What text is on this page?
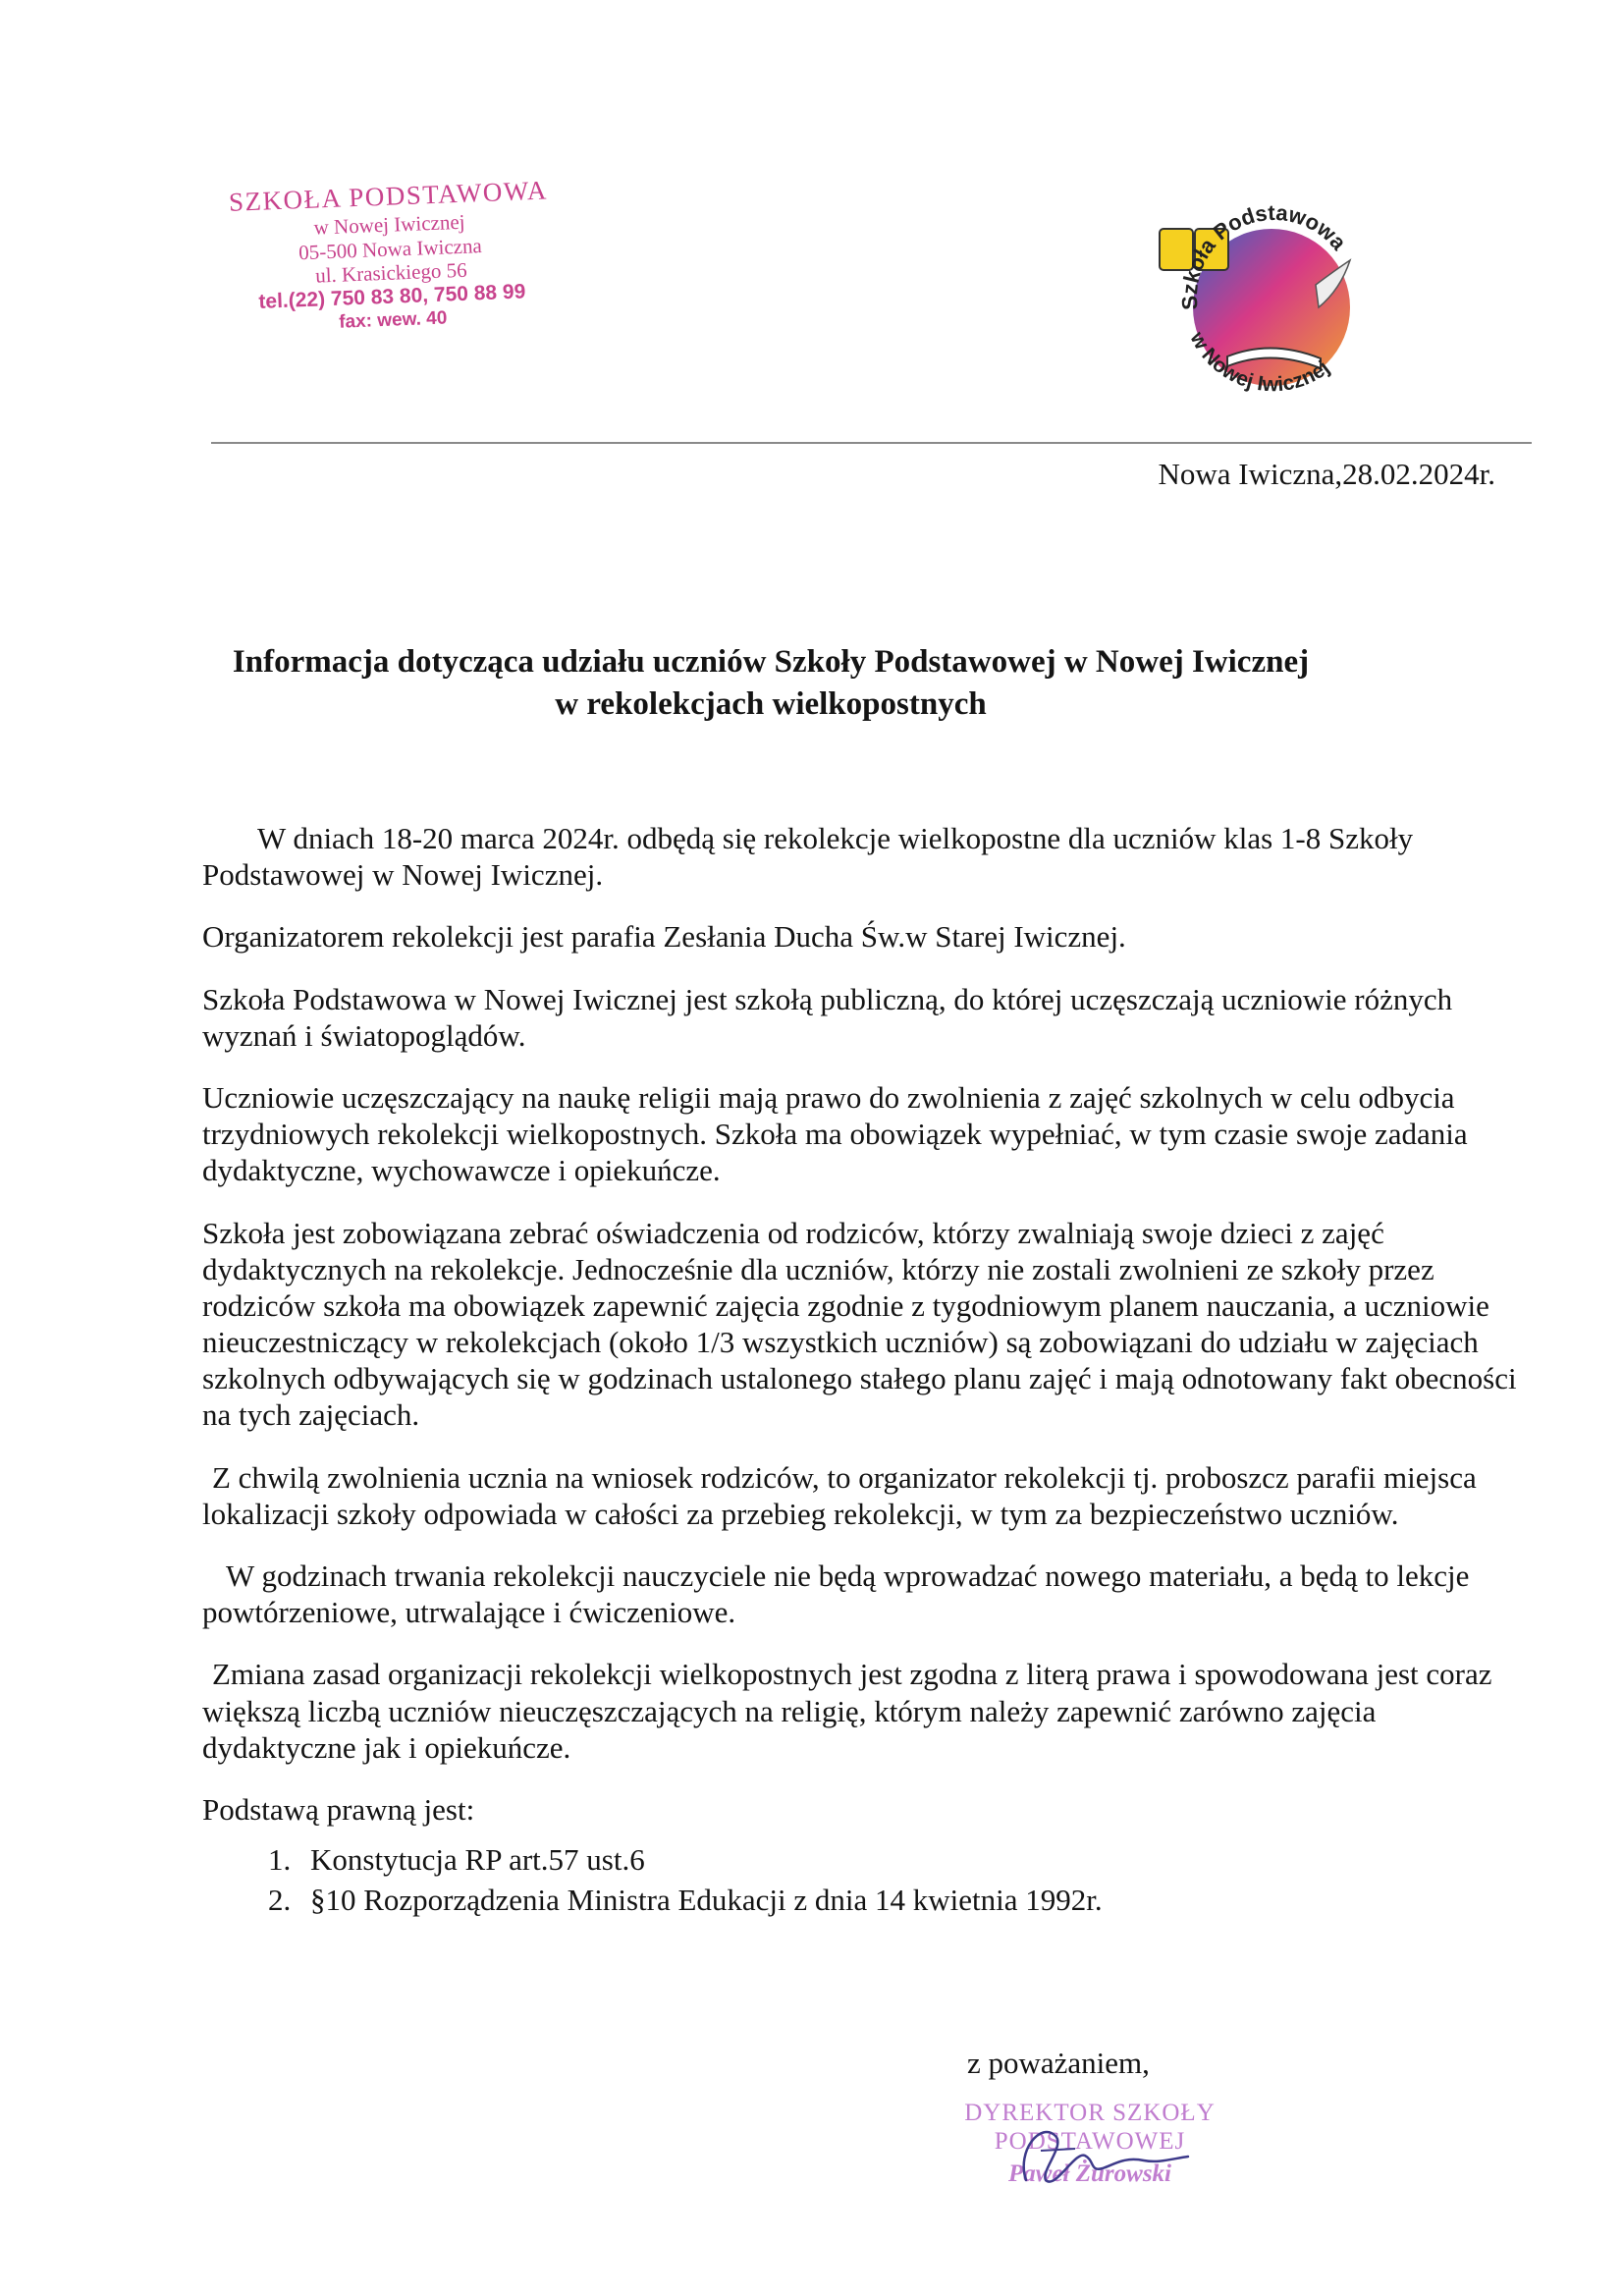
SZKOŁA PODSTAWOWA
w Nowej Iwicznej
05-500 Nowa Iwiczna
ul. Krasickiego 56
tel.(22) 750 83 80, 750 88 99
fax: wew. 40
Szkoła Podstawowa
w Nowej Iwicznej
Nowa Iwiczna,28.02.2024r.
Informacja dotycząca udziału uczniów Szkoły Podstawowej w Nowej Iwicznej
w rekolekcjach wielkopostnych

W dniach 18-20 marca 2024r. odbędą się rekolekcje wielkopostne dla uczniów klas 1-8 Szkoły Podstawowej w Nowej Iwicznej.

Organizatorem rekolekcji jest parafia Zesłania Ducha Św.w Starej Iwicznej.

Szkoła Podstawowa w Nowej Iwicznej jest szkołą publiczną, do której uczęszczają uczniowie różnych wyznań i światopoglądów.

Uczniowie uczęszczający na naukę religii mają prawo do zwolnienia z zajęć szkolnych w celu odbycia trzydniowych rekolekcji wielkopostnych. Szkoła ma obowiązek wypełniać, w tym czasie swoje zadania dydaktyczne, wychowawcze i opiekuńcze.

Szkoła jest zobowiązana zebrać oświadczenia od rodziców, którzy zwalniają swoje dzieci z zajęć dydaktycznych na rekolekcje. Jednocześnie dla uczniów, którzy nie zostali zwolnieni ze szkoły przez rodziców szkoła ma obowiązek zapewnić zajęcia zgodnie z tygodniowym planem nauczania, a uczniowie nieuczestniczący w rekolekcjach (około 1/3 wszystkich uczniów) są zobowiązani do udziału w zajęciach szkolnych odbywających się w godzinach ustalonego stałego planu zajęć i mają odnotowany fakt obecności na tych zajęciach.

Z chwilą zwolnienia ucznia na wniosek rodziców, to organizator rekolekcji tj. proboszcz parafii miejsca lokalizacji szkoły odpowiada w całości za przebieg rekolekcji, w tym za bezpieczeństwo uczniów.

W godzinach trwania rekolekcji nauczyciele nie będą wprowadzać nowego materiału, a będą to lekcje powtórzeniowe, utrwalające i ćwiczeniowe.

Zmiana zasad organizacji rekolekcji wielkopostnych jest zgodna z literą prawa i spowodowana jest coraz większą liczbą uczniów nieuczęszczających na religię, którym należy zapewnić zarówno zajęcia dydaktyczne jak i opiekuńcze.

Podstawą prawną jest:

1. Konstytucja RP art.57 ust.6
2. §10 Rozporządzenia Ministra Edukacji z dnia 14 kwietnia 1992r.
z poważaniem,
DYREKTOR SZKOŁY
PODSTAWOWEJ
Paweł Żurowski
